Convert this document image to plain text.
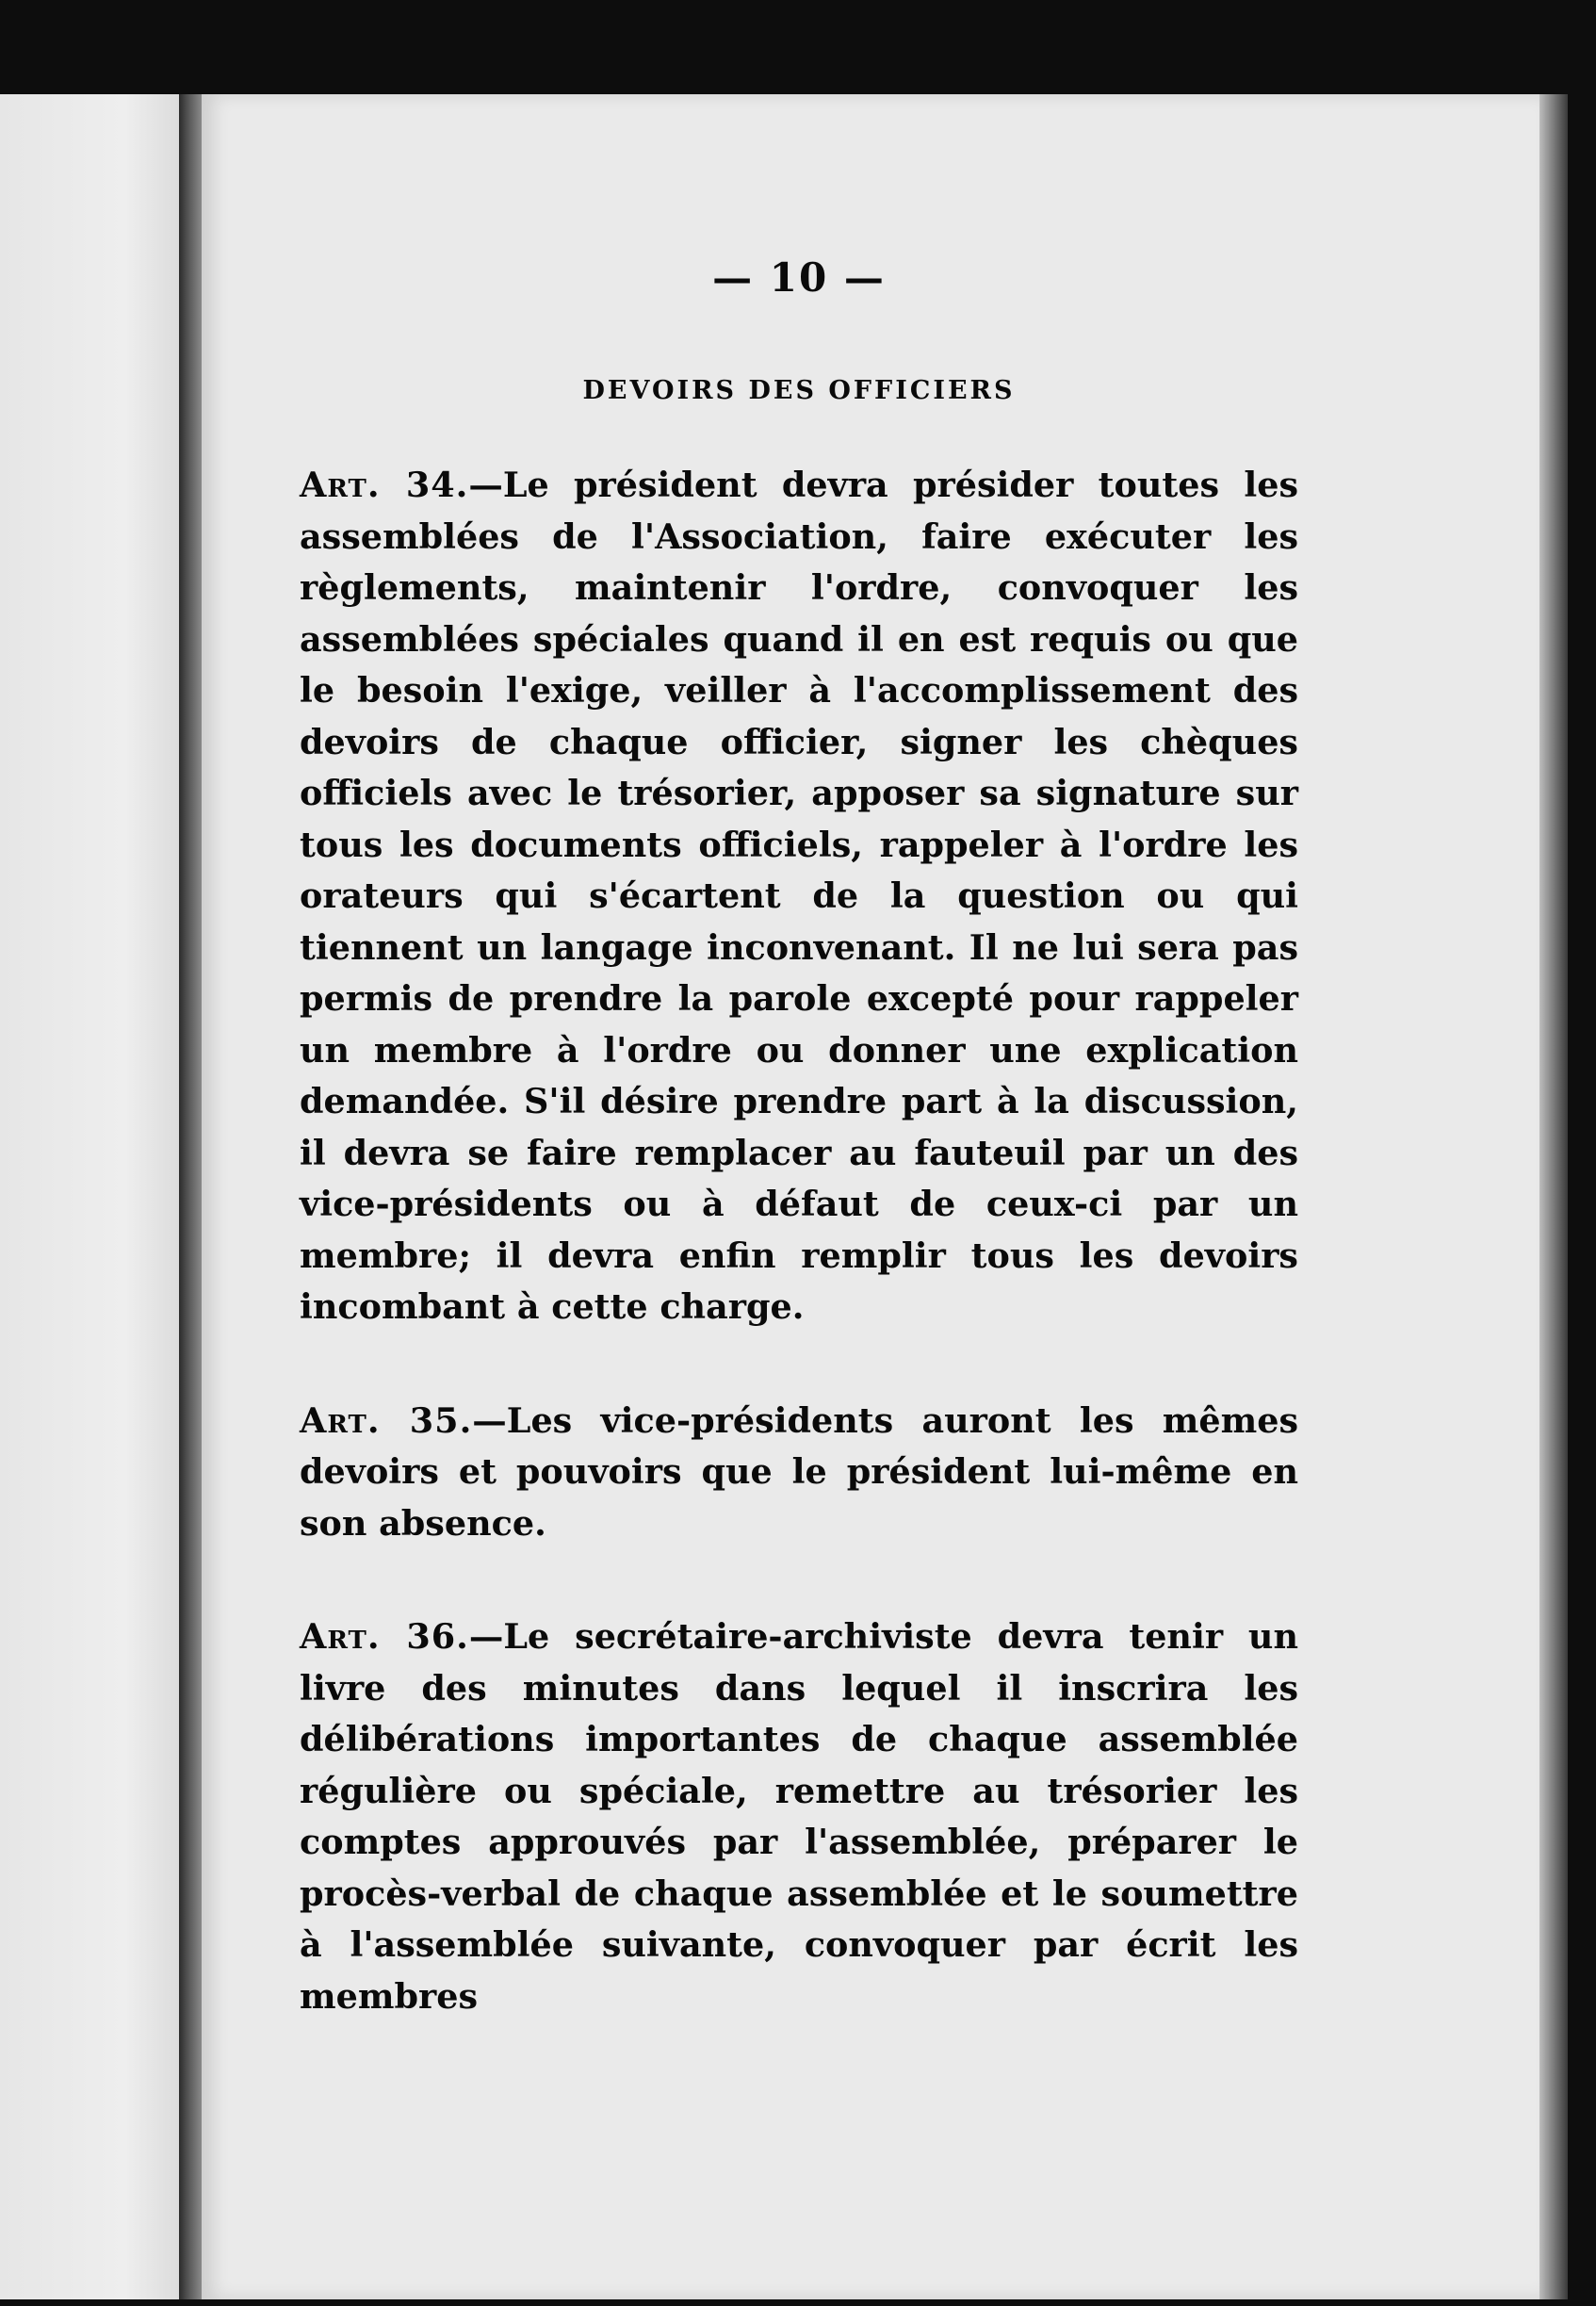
— 10 —
DEVOIRS DES OFFICIERS

Art. 34.—Le président devra présider toutes les assemblées de l'Association, faire exécuter les règlements, maintenir l'ordre, convoquer les assemblées spéciales quand il en est requis ou que le besoin l'exige, veiller à l'accomplissement des devoirs de chaque officier, signer les chèques officiels avec le trésorier, apposer sa signature sur tous les documents officiels, rappeler à l'ordre les orateurs qui s'écartent de la question ou qui tiennent un langage inconvenant. Il ne lui sera pas permis de prendre la parole excepté pour rappeler un membre à l'ordre ou donner une explication demandée. S'il désire prendre part à la discussion, il devra se faire remplacer au fauteuil par un des vice-présidents ou à défaut de ceux-ci par un membre; il devra enfin remplir tous les devoirs incombant à cette charge.

Art. 35.—Les vice-présidents auront les mêmes devoirs et pouvoirs que le président lui-même en son absence.

Art. 36.—Le secrétaire-archiviste devra tenir un livre des minutes dans lequel il inscrira les délibérations importantes de chaque assemblée régulière ou spéciale, remettre au trésorier les comptes approuvés par l'assemblée, préparer le procès-verbal de chaque assemblée et le soumettre à l'assemblée suivante, convoquer par écrit les membres
